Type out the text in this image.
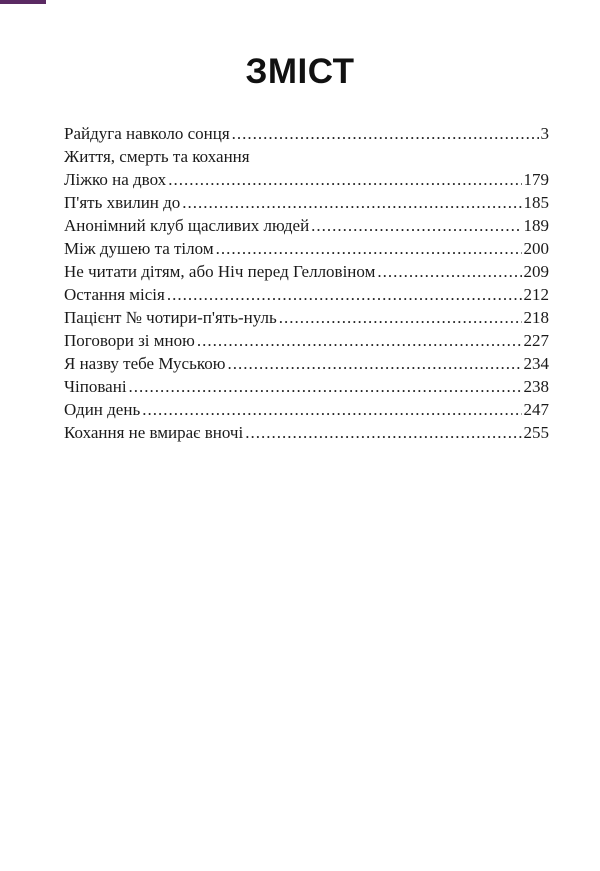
ЗМІСТ
Райдуга навколо сонця .....	3
Життя, смерть та кохання
Ліжко на двох .....	179
П'ять хвилин до .....	185
Анонімний клуб щасливих людей .....	189
Між душею та тілом .....	200
Не читати дітям, або Ніч перед Гелловіном .....	209
Остання місія .....	212
Пацієнт № чотири-п'ять-нуль .....	218
Поговори зі мною .....	227
Я назву тебе Муською .....	234
Чіповані .....	238
Один день .....	247
Кохання не вмирає вночі .....	255
